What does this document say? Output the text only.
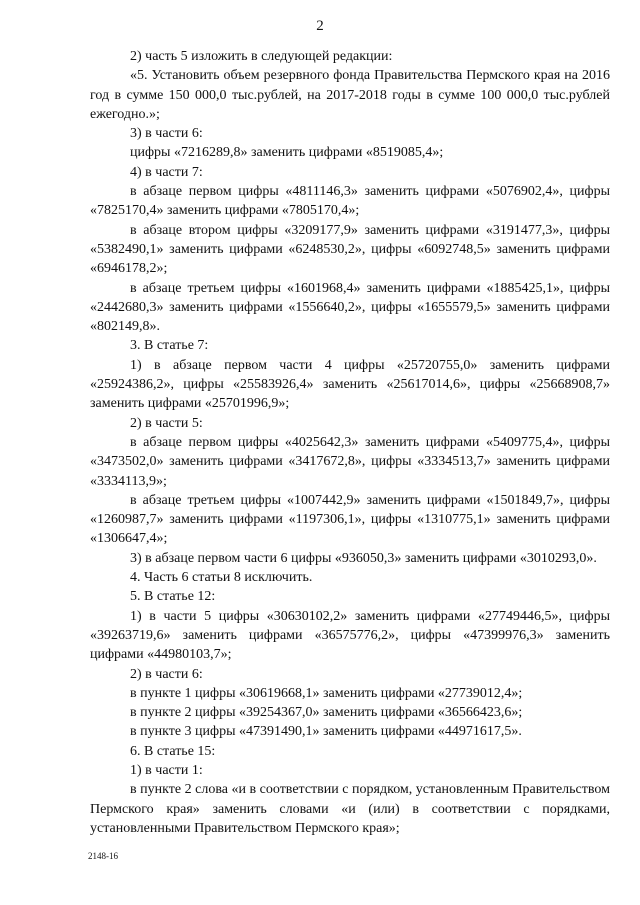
2

2) часть 5 изложить в следующей редакции:

«5. Установить объем резервного фонда Правительства Пермского края на 2016 год в сумме 150 000,0 тыс.рублей, на 2017-2018 годы в сумме 100 000,0 тыс.рублей ежегодно.»;

3) в части 6:

цифры «7216289,8» заменить цифрами «8519085,4»;

4) в части 7:

в абзаце первом цифры «4811146,3» заменить цифрами «5076902,4», цифры «7825170,4» заменить цифрами «7805170,4»;

в абзаце втором цифры «3209177,9» заменить цифрами «3191477,3», цифры «5382490,1» заменить цифрами «6248530,2», цифры «6092748,5» заменить цифрами «6946178,2»;

в абзаце третьем цифры «1601968,4» заменить цифрами «1885425,1», цифры «2442680,3» заменить цифрами «1556640,2», цифры «1655579,5» заменить цифрами «802149,8».

3. В статье 7:

1) в абзаце первом части 4 цифры «25720755,0» заменить цифрами «25924386,2», цифры «25583926,4» заменить «25617014,6», цифры «25668908,7» заменить цифрами «25701996,9»;

2) в части 5:

в абзаце первом цифры «4025642,3» заменить цифрами «5409775,4», цифры «3473502,0» заменить цифрами «3417672,8», цифры «3334513,7» заменить цифрами «3334113,9»;

в абзаце третьем цифры «1007442,9» заменить цифрами «1501849,7», цифры «1260987,7» заменить цифрами «1197306,1», цифры «1310775,1» заменить цифрами «1306647,4»;

3) в абзаце первом части 6 цифры «936050,3» заменить цифрами «3010293,0».

4. Часть 6 статьи 8 исключить.

5. В статье 12:

1) в части 5 цифры «30630102,2» заменить цифрами «27749446,5», цифры «39263719,6» заменить цифрами «36575776,2», цифры «47399976,3» заменить цифрами «44980103,7»;

2) в части 6:

в пункте 1 цифры «30619668,1» заменить цифрами «27739012,4»;

в пункте 2 цифры «39254367,0» заменить цифрами «36566423,6»;

в пункте 3 цифры «47391490,1» заменить цифрами «44971617,5».

6. В статье 15:

1) в части 1:

в пункте 2 слова «и в соответствии с порядком, установленным Правительством Пермского края» заменить словами «и (или) в соответствии с порядками, установленными Правительством Пермского края»;

2148-16
